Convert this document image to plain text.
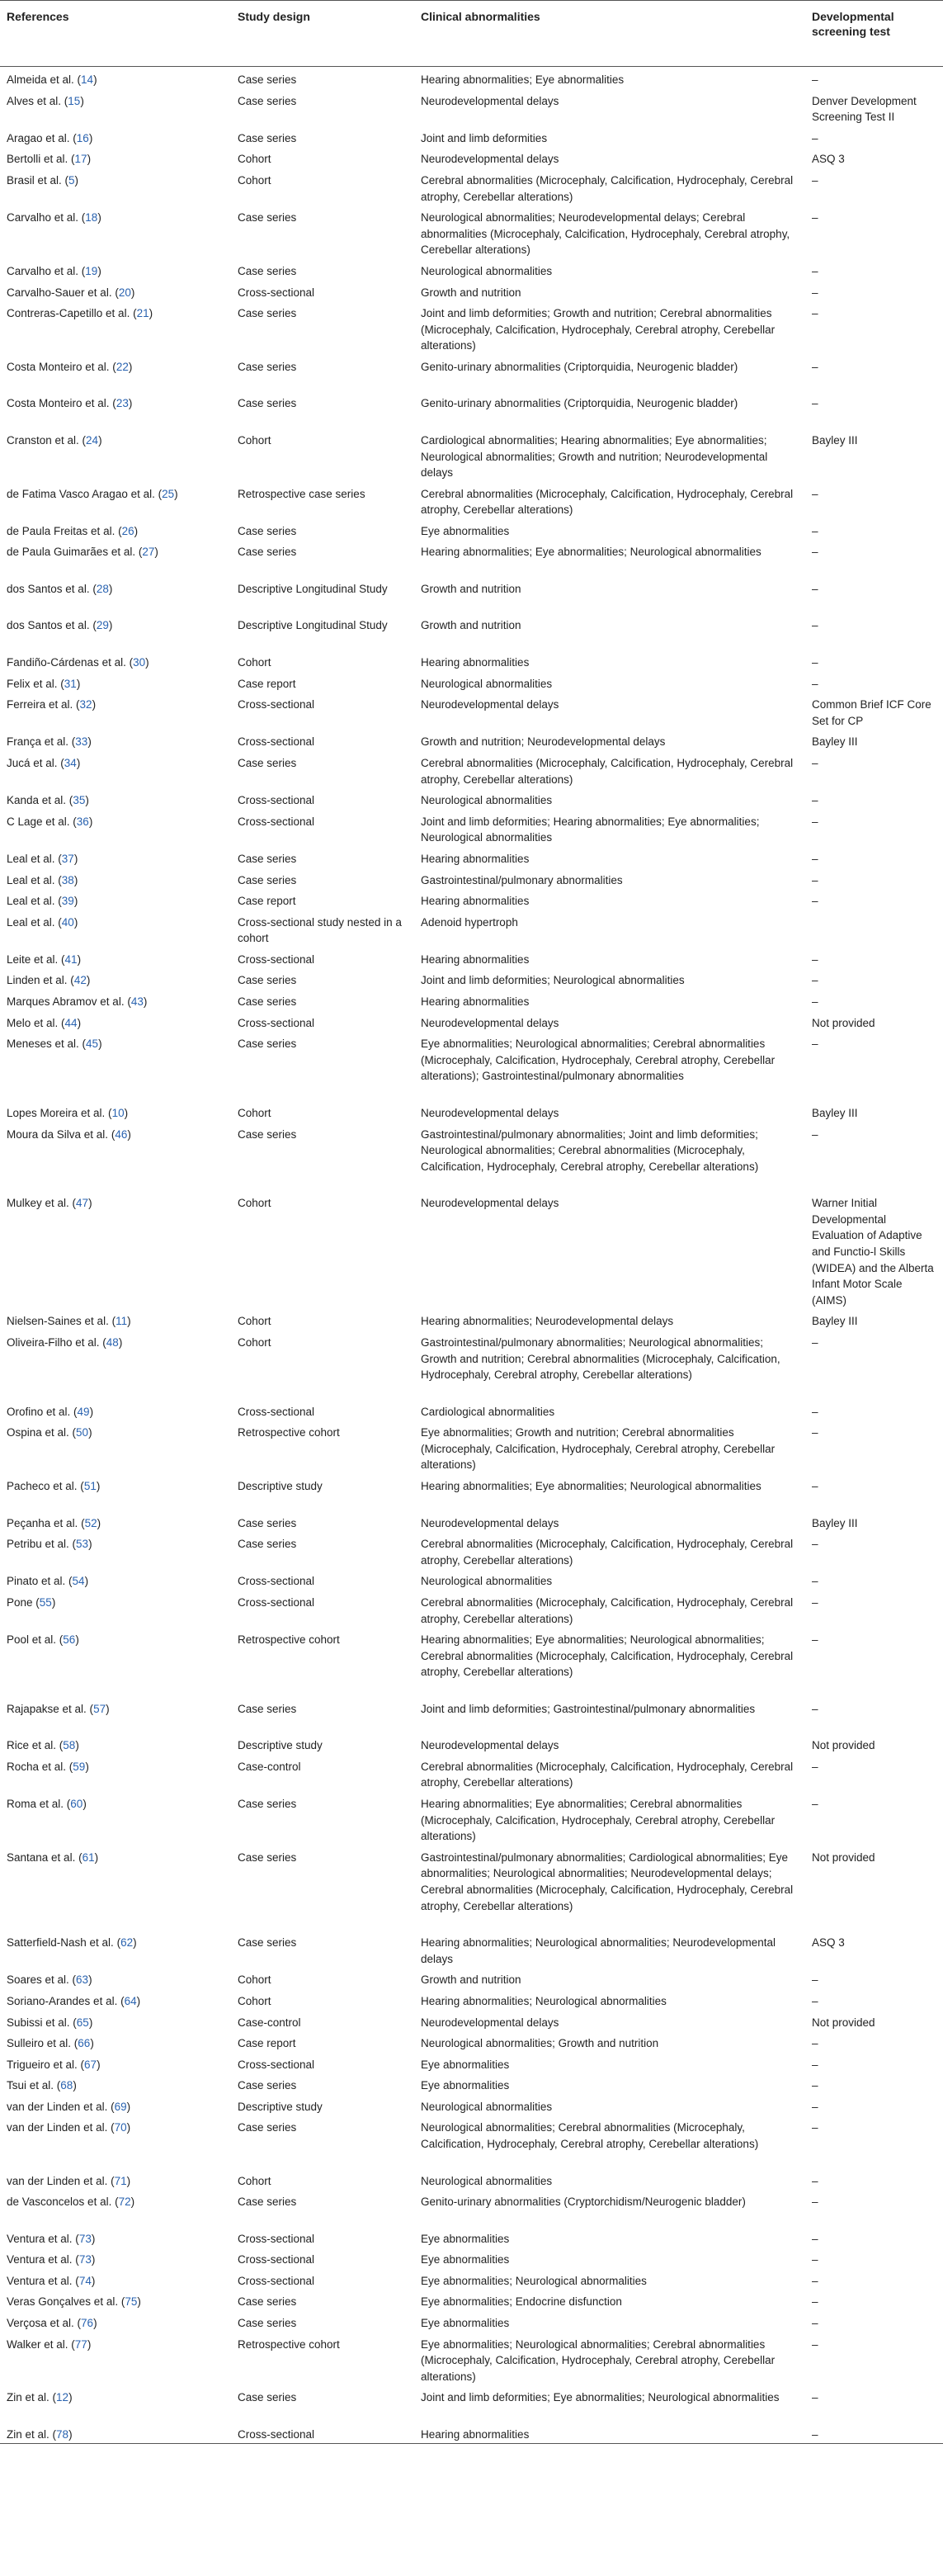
References	Study design	Clinical abnormalities	Developmental screening test
Almeida et al. (14)	Case series	Hearing abnormalities; Eye abnormalities	–
Alves et al. (15)	Case series	Neurodevelopmental delays	Denver Development Screening Test II
Aragao et al. (16)	Case series	Joint and limb deformities	–
Bertolli et al. (17)	Cohort	Neurodevelopmental delays	ASQ 3
Brasil et al. (5)	Cohort	Cerebral abnormalities (Microcephaly, Calcification, Hydrocephaly, Cerebral atrophy, Cerebellar alterations)	–
Carvalho et al. (18)	Case series	Neurological abnormalities; Neurodevelopmental delays; Cerebral abnormalities (Microcephaly, Calcification, Hydrocephaly, Cerebral atrophy, Cerebellar alterations)	–
Carvalho et al. (19)	Case series	Neurological abnormalities	–
Carvalho-Sauer et al. (20)	Cross-sectional	Growth and nutrition	–
Contreras-Capetillo et al. (21)	Case series	Joint and limb deformities; Growth and nutrition; Cerebral abnormalities (Microcephaly, Calcification, Hydrocephaly, Cerebral atrophy, Cerebellar alterations)	–
Costa Monteiro et al. (22)	Case series	Genito-urinary abnormalities (Criptorquidia, Neurogenic bladder)	–
Costa Monteiro et al. (23)	Case series	Genito-urinary abnormalities (Criptorquidia, Neurogenic bladder)	–
Cranston et al. (24)	Cohort	Cardiological abnormalities; Hearing abnormalities; Eye abnormalities; Neurological abnormalities; Growth and nutrition; Neurodevelopmental delays	Bayley III
de Fatima Vasco Aragao et al. (25)	Retrospective case series	Cerebral abnormalities (Microcephaly, Calcification, Hydrocephaly, Cerebral atrophy, Cerebellar alterations)	–
de Paula Freitas et al. (26)	Case series	Eye abnormalities	–
de Paula Guimarães et al. (27)	Case series	Hearing abnormalities; Eye abnormalities; Neurological abnormalities	–
dos Santos et al. (28)	Descriptive Longitudinal Study	Growth and nutrition	–
dos Santos et al. (29)	Descriptive Longitudinal Study	Growth and nutrition	–
Fandiño-Cárdenas et al. (30)	Cohort	Hearing abnormalities	–
Felix et al. (31)	Case report	Neurological abnormalities	–
Ferreira et al. (32)	Cross-sectional	Neurodevelopmental delays	Common Brief ICF Core Set for CP
França et al. (33)	Cross-sectional	Growth and nutrition; Neurodevelopmental delays	Bayley III
Jucá et al. (34)	Case series	Cerebral abnormalities (Microcephaly, Calcification, Hydrocephaly, Cerebral atrophy, Cerebellar alterations)	–
Kanda et al. (35)	Cross-sectional	Neurological abnormalities	–
C Lage et al. (36)	Cross-sectional	Joint and limb deformities; Hearing abnormalities; Eye abnormalities; Neurological abnormalities	–
Leal et al. (37)	Case series	Hearing abnormalities	–
Leal et al. (38)	Case series	Gastrointestinal/pulmonary abnormalities	–
Leal et al. (39)	Case report	Hearing abnormalities	–
Leal et al. (40)	Cross-sectional study nested in a cohort	Adenoid hypertroph	
Leite et al. (41)	Cross-sectional	Hearing abnormalities	–
Linden et al. (42)	Case series	Joint and limb deformities; Neurological abnormalities	–
Marques Abramov et al. (43)	Case series	Hearing abnormalities	–
Melo et al. (44)	Cross-sectional	Neurodevelopmental delays	Not provided
Meneses et al. (45)	Case series	Eye abnormalities; Neurological abnormalities; Cerebral abnormalities (Microcephaly, Calcification, Hydrocephaly, Cerebral atrophy, Cerebellar alterations); Gastrointestinal/pulmonary abnormalities	–
Lopes Moreira et al. (10)	Cohort	Neurodevelopmental delays	Bayley III
Moura da Silva et al. (46)	Case series	Gastrointestinal/pulmonary abnormalities; Joint and limb deformities; Neurological abnormalities; Cerebral abnormalities (Microcephaly, Calcification, Hydrocephaly, Cerebral atrophy, Cerebellar alterations)	–
Mulkey et al. (47)	Cohort	Neurodevelopmental delays	Warner Initial Developmental Evaluation of Adaptive and Functio-l Skills (WIDEA) and the Alberta Infant Motor Scale (AIMS)
Nielsen-Saines et al. (11)	Cohort	Hearing abnormalities; Neurodevelopmental delays	Bayley III
Oliveira-Filho et al. (48)	Cohort	Gastrointestinal/pulmonary abnormalities; Neurological abnormalities; Growth and nutrition; Cerebral abnormalities (Microcephaly, Calcification, Hydrocephaly, Cerebral atrophy, Cerebellar alterations)	–
Orofino et al. (49)	Cross-sectional	Cardiological abnormalities	–
Ospina et al. (50)	Retrospective cohort	Eye abnormalities; Growth and nutrition; Cerebral abnormalities (Microcephaly, Calcification, Hydrocephaly, Cerebral atrophy, Cerebellar alterations)	–
Pacheco et al. (51)	Descriptive study	Hearing abnormalities; Eye abnormalities; Neurological abnormalities	–
Peçanha et al. (52)	Case series	Neurodevelopmental delays	Bayley III
Petribu et al. (53)	Case series	Cerebral abnormalities (Microcephaly, Calcification, Hydrocephaly, Cerebral atrophy, Cerebellar alterations)	–
Pinato et al. (54)	Cross-sectional	Neurological abnormalities	–
Pone (55)	Cross-sectional	Cerebral abnormalities (Microcephaly, Calcification, Hydrocephaly, Cerebral atrophy, Cerebellar alterations)	–
Pool et al. (56)	Retrospective cohort	Hearing abnormalities; Eye abnormalities; Neurological abnormalities; Cerebral abnormalities (Microcephaly, Calcification, Hydrocephaly, Cerebral atrophy, Cerebellar alterations)	–
Rajapakse et al. (57)	Case series	Joint and limb deformities; Gastrointestinal/pulmonary abnormalities	–
Rice et al. (58)	Descriptive study	Neurodevelopmental delays	Not provided
Rocha et al. (59)	Case-control	Cerebral abnormalities (Microcephaly, Calcification, Hydrocephaly, Cerebral atrophy, Cerebellar alterations)	–
Roma et al. (60)	Case series	Hearing abnormalities; Eye abnormalities; Cerebral abnormalities (Microcephaly, Calcification, Hydrocephaly, Cerebral atrophy, Cerebellar alterations)	–
Santana et al. (61)	Case series	Gastrointestinal/pulmonary abnormalities; Cardiological abnormalities; Eye abnormalities; Neurological abnormalities; Neurodevelopmental delays; Cerebral abnormalities (Microcephaly, Calcification, Hydrocephaly, Cerebral atrophy, Cerebellar alterations)	Not provided
Satterfield-Nash et al. (62)	Case series	Hearing abnormalities; Neurological abnormalities; Neurodevelopmental delays	ASQ 3
Soares et al. (63)	Cohort	Growth and nutrition	–
Soriano-Arandes et al. (64)	Cohort	Hearing abnormalities; Neurological abnormalities	–
Subissi et al. (65)	Case-control	Neurodevelopmental delays	Not provided
Sulleiro et al. (66)	Case report	Neurological abnormalities; Growth and nutrition	–
Trigueiro et al. (67)	Cross-sectional	Eye abnormalities	–
Tsui et al. (68)	Case series	Eye abnormalities	–
van der Linden et al. (69)	Descriptive study	Neurological abnormalities	–
van der Linden et al. (70)	Case series	Neurological abnormalities; Cerebral abnormalities (Microcephaly, Calcification, Hydrocephaly, Cerebral atrophy, Cerebellar alterations)	–
van der Linden et al. (71)	Cohort	Neurological abnormalities	–
de Vasconcelos et al. (72)	Case series	Genito-urinary abnormalities (Cryptorchidism/Neurogenic bladder)	–
Ventura et al. (73)	Cross-sectional	Eye abnormalities	–
Ventura et al. (73)	Cross-sectional	Eye abnormalities	–
Ventura et al. (74)	Cross-sectional	Eye abnormalities; Neurological abnormalities	–
Veras Gonçalves et al. (75)	Case series	Eye abnormalities; Endocrine disfunction	–
Verçosa et al. (76)	Case series	Eye abnormalities	–
Walker et al. (77)	Retrospective cohort	Eye abnormalities; Neurological abnormalities; Cerebral abnormalities (Microcephaly, Calcification, Hydrocephaly, Cerebral atrophy, Cerebellar alterations)	–
Zin et al. (12)	Case series	Joint and limb deformities; Eye abnormalities; Neurological abnormalities	–
Zin et al. (78)	Cross-sectional	Hearing abnormalities	–
